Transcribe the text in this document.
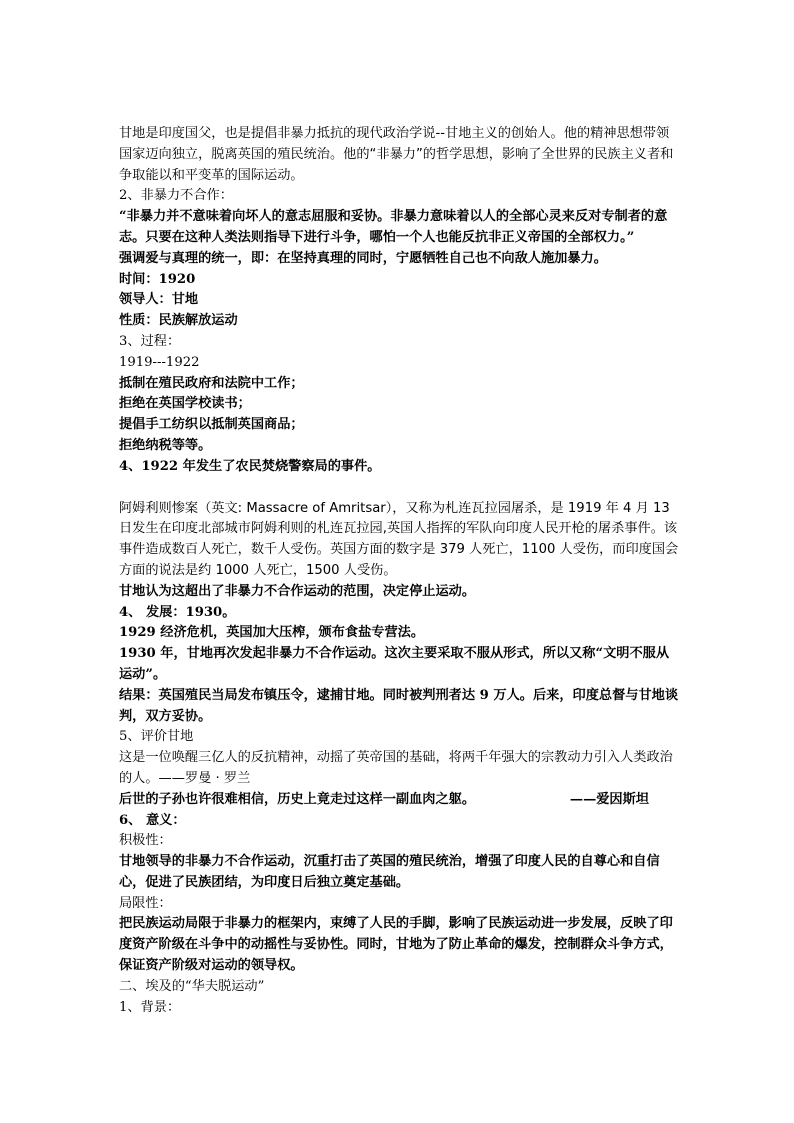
甘地是印度国父，也是提倡非暴力抵抗的现代政治学说--甘地主义的创始人。他的精神思想带领国家迈向独立，脱离英国的殖民统治。他的“非暴力”的哲学思想，影响了全世界的民族主义者和争取能以和平变革的国际运动。

2、非暴力不合作：

“非暴力并不意味着向坏人的意志屈服和妥协。非暴力意味着以人的全部心灵来反对专制者的意志。只要在这种人类法则指导下进行斗争，哪怕一个人也能反抗非正义帝国的全部权力。”

强调爱与真理的统一，即：在坚持真理的同时，宁愿牺牲自己也不向敌人施加暴力。

时间：1920

领导人：甘地

性质：民族解放运动

3、过程：

1919---1922

抵制在殖民政府和法院中工作；

拒绝在英国学校读书；

提倡手工纺织以抵制英国商品；

拒绝纳税等等。

4、1922 年发生了农民焚烧警察局的事件。

阿姆利则惨案（英文: Massacre of Amritsar），又称为札连瓦拉园屠杀，是 1919 年 4 月 13 日发生在印度北部城市阿姆利则的札连瓦拉园,英国人指挥的军队向印度人民开枪的屠杀事件。该事件造成数百人死亡，数千人受伤。英国方面的数字是 379 人死亡，1100 人受伤，而印度国会方面的说法是约 1000 人死亡，1500 人受伤。

甘地认为这超出了非暴力不合作运动的范围，决定停止运动。

4、 发展：1930。

1929 经济危机，英国加大压榨，颁布食盐专营法。

1930 年，甘地再次发起非暴力不合作运动。这次主要采取不服从形式，所以又称“文明不服从运动”。

结果：英国殖民当局发布镇压令，逮捕甘地。同时被判刑者达 9 万人。后来，印度总督与甘地谈判，双方妥协。

5、评价甘地

这是一位唤醒三亿人的反抗精神，动摇了英帝国的基础，将两千年强大的宗教动力引入人类政治的人。——罗曼 · 罗兰

后世的子孙也许很难相信，历史上竟走过这样一副血肉之躯。	——爱因斯坦

6、 意义：

积极性：

甘地领导的非暴力不合作运动，沉重打击了英国的殖民统治，增强了印度人民的自尊心和自信心，促进了民族团结，为印度日后独立奠定基础。

局限性：

把民族运动局限于非暴力的框架内，束缚了人民的手脚，影响了民族运动进一步发展，反映了印度资产阶级在斗争中的动摇性与妥协性。同时，甘地为了防止革命的爆发，控制群众斗争方式，保证资产阶级对运动的领导权。

二、埃及的“华夫脱运动”

1、背景：
